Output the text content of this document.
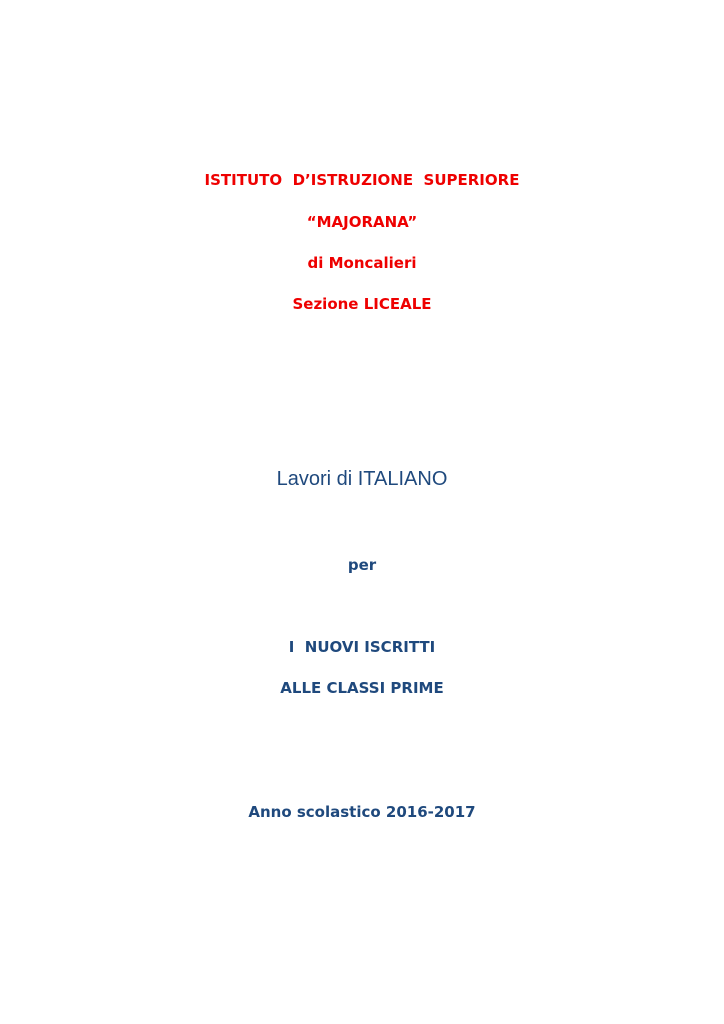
ISTITUTO  D’ISTRUZIONE  SUPERIORE
“MAJORANA”
di Moncalieri
Sezione LICEALE
Lavori di ITALIANO
per
I  NUOVI ISCRITTI
ALLE CLASSI PRIME
Anno scolastico 2016-2017
